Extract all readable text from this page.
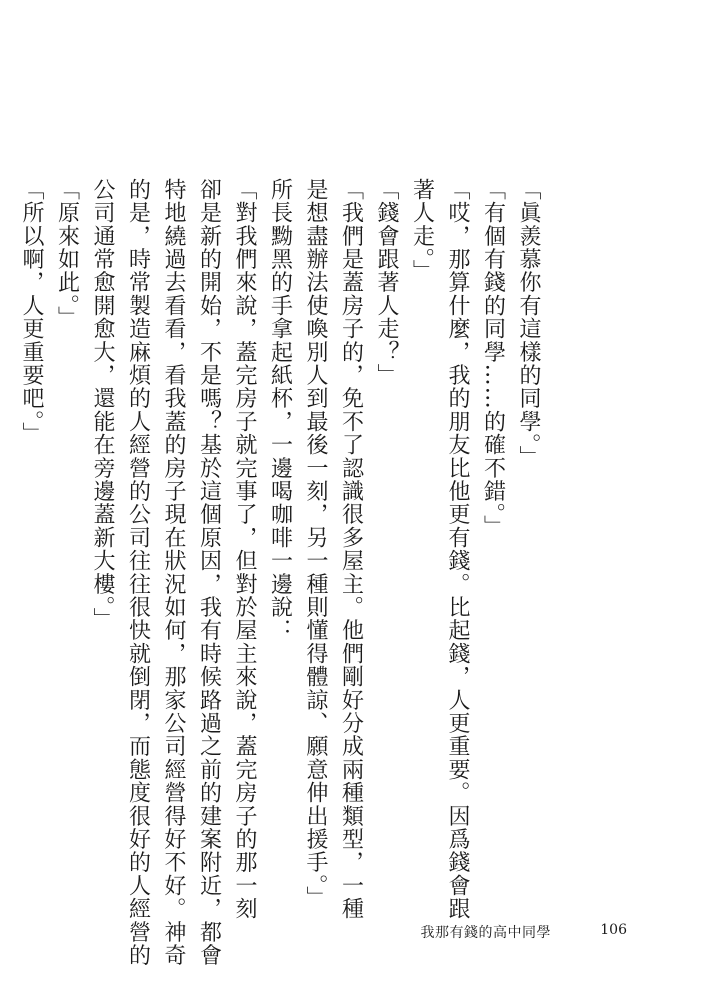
「眞羨慕你有這樣的同學。」
「有個有錢的同學……的確不錯。」
「哎，那算什麼，我的朋友比他更有錢。比起錢，人更重要。因爲錢會跟
著人走。」
「錢會跟著人走？」
「我們是蓋房子的，免不了認識很多屋主。他們剛好分成兩種類型，一種
是想盡辦法使喚別人到最後一刻，另一種則懂得體諒、願意伸出援手。」
所長黝黑的手拿起紙杯，一邊喝咖啡一邊說：
「對我們來說，蓋完房子就完事了，但對於屋主來說，蓋完房子的那一刻
卻是新的開始，不是嗎？基於這個原因，我有時候路過之前的建案附近，都會
特地繞過去看看，看我蓋的房子現在狀況如何，那家公司經營得好不好。神奇
的是，時常製造麻煩的人經營的公司往往很快就倒閉，而態度很好的人經營的
公司通常愈開愈大，還能在旁邊蓋新大樓。」
「原來如此。」
「所以啊，人更重要吧。」
我那有錢的高中同學	106
